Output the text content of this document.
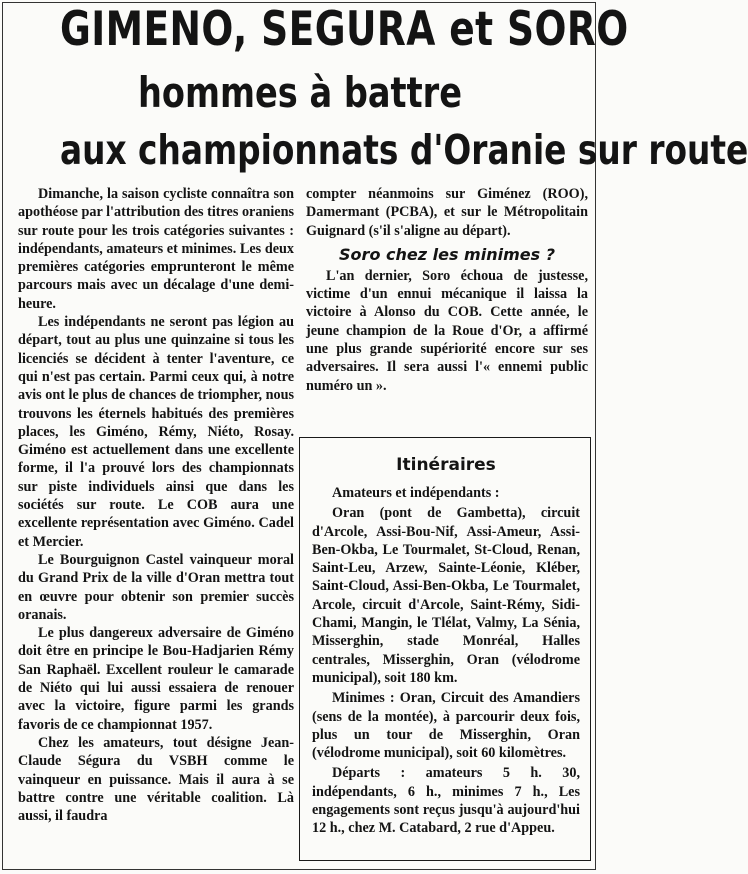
GIMENO, SEGURA et SORO
hommes à battre
aux championnats d'Oranie sur route

Dimanche, la saison cycliste connaîtra son apothéose par l'attribution des titres oraniens sur route pour les trois catégories suivantes : indépendants, amateurs et minimes. Les deux premières catégories emprunteront le même parcours mais avec un décalage d'une demi-heure.

Les indépendants ne seront pas légion au départ, tout au plus une quinzaine si tous les licenciés se décident à tenter l'aventure, ce qui n'est pas certain. Parmi ceux qui, à notre avis ont le plus de chances de triompher, nous trouvons les éternels habitués des premières places, les Giméno, Rémy, Niéto, Rosay. Giméno est actuellement dans une excellente forme, il l'a prouvé lors des championnats sur piste individuels ainsi que dans les sociétés sur route. Le COB aura une excellente représentation avec Giméno. Cadel et Mercier.

Le Bourguignon Castel vainqueur moral du Grand Prix de la ville d'Oran mettra tout en œuvre pour obtenir son premier succès oranais.

Le plus dangereux adversaire de Giméno doit être en principe le Bou-Hadjarien Rémy San Raphaël. Excellent rouleur le camarade de Niéto qui lui aussi essaiera de renouer avec la victoire, figure parmi les grands favoris de ce championnat 1957.

Chez les amateurs, tout désigne Jean-Claude Ségura du VSBH comme le vainqueur en puissance. Mais il aura à se battre contre une véritable coalition. Là aussi, il faudra

compter néanmoins sur Giménez (ROO), Damermant (PCBA), et sur le Métropolitain Guignard (s'il s'aligne au départ).

Soro chez les minimes ?

L'an dernier, Soro échoua de justesse, victime d'un ennui mécanique il laissa la victoire à Alonso du COB. Cette année, le jeune champion de la Roue d'Or, a affirmé une plus grande supériorité encore sur ses adversaires. Il sera aussi l'« ennemi public numéro un ».

Itinéraires

Amateurs et indépendants :

Oran (pont de Gambetta), circuit d'Arcole, Assi-Bou-Nif, Assi-Ameur, Assi-Ben-Okba, Le Tourmalet, St-Cloud, Renan, Saint-Leu, Arzew, Sainte-Léonie, Kléber, Saint-Cloud, Assi-Ben-Okba, Le Tourmalet, Arcole, circuit d'Arcole, Saint-Rémy, Sidi-Chami, Mangin, le Tlélat, Valmy, La Sénia, Misserghin, stade Monréal, Halles centrales, Misserghin, Oran (vélodrome municipal), soit 180 km.

Minimes : Oran, Circuit des Amandiers (sens de la montée), à parcourir deux fois, plus un tour de Misserghin, Oran (vélodrome municipal), soit 60 kilomètres.

Départs : amateurs 5 h. 30, indépendants, 6 h., minimes 7 h., Les engagements sont reçus jusqu'à aujourd'hui 12 h., chez M. Catabard, 2 rue d'Appeu.
